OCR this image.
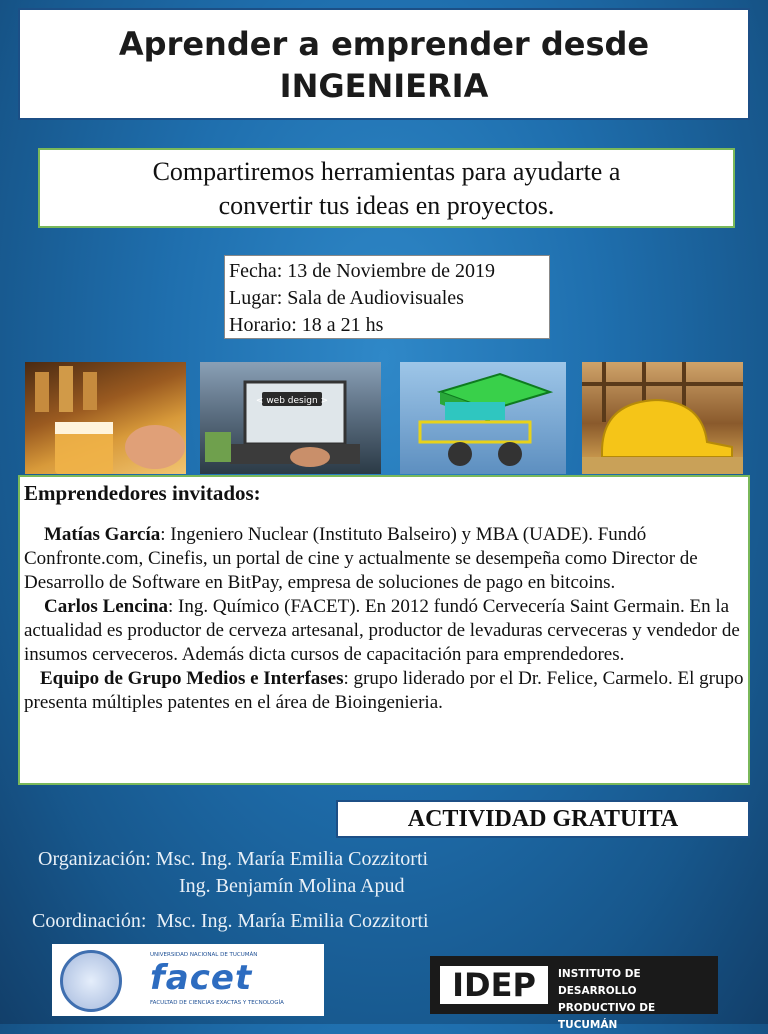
Aprender a emprender desde
INGENIERIA
Compartiremos herramientas para ayudarte a
convertir tus ideas en proyectos.
Fecha: 13 de Noviembre de 2019
Lugar: Sala de Audiovisuales
Horario: 18 a 21 hs
< web design >
Emprendedores invitados:

Matías García: Ingeniero Nuclear (Instituto Balseiro) y MBA (UADE). Fundó Confronte.com, Cinefis, un portal de cine y actualmente se desempeña como Director de Desarrollo de Software en BitPay, empresa de soluciones de pago en bitcoins.

Carlos Lencina: Ing. Químico (FACET). En 2012 fundó Cervecería Saint Germain. En la actualidad es productor de cerveza artesanal, productor de levaduras cerveceras y vendedor de insumos cerveceros. Además dicta cursos de capacitación para emprendedores.

Equipo de Grupo Medios e Interfases: grupo liderado por el Dr. Felice, Carmelo. El grupo presenta múltiples patentes en el área de Bioingenieria.

ACTIVIDAD GRATUITA
Organización: Msc. Ing. María Emilia Cozzitorti
Ing. Benjamín Molina Apud
Coordinación:  Msc. Ing. María Emilia Cozzitorti
UNIVERSIDAD NACIONAL DE TUCUMÁN
facet
FACULTAD DE CIENCIAS EXACTAS Y TECNOLOGÍA	IDEP	INSTITUTO DE DESARROLLO
PRODUCTIVO DE TUCUMÁN
